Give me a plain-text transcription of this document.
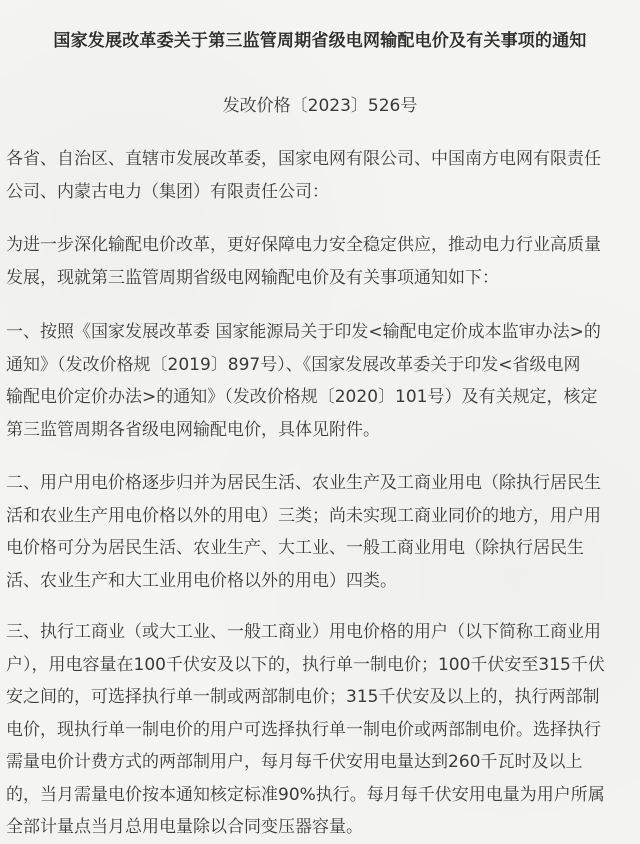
国家发展改革委关于第三监管周期省级电网输配电价及有关事项的通知
发改价格〔2023〕526号
各省、自治区、直辖市发展改革委，国家电网有限公司、中国南方电网有限责任
公司、内蒙古电力（集团）有限责任公司：
为进一步深化输配电价改革，更好保障电力安全稳定供应，推动电力行业高质量
发展，现就第三监管周期省级电网输配电价及有关事项通知如下：
一、按照《国家发展改革委 国家能源局关于印发<输配电定价成本监审办法>的
通知》（发改价格规〔2019〕897号）、《国家发展改革委关于印发<省级电网
输配电价定价办法>的通知》（发改价格规〔2020〕101号）及有关规定，核定
第三监管周期各省级电网输配电价，具体见附件。
二、用户用电价格逐步归并为居民生活、农业生产及工商业用电（除执行居民生
活和农业生产用电价格以外的用电）三类；尚未实现工商业同价的地方，用户用
电价格可分为居民生活、农业生产、大工业、一般工商业用电（除执行居民生
活、农业生产和大工业用电价格以外的用电）四类。
三、执行工商业（或大工业、一般工商业）用电价格的用户（以下简称工商业用
户），用电容量在100千伏安及以下的，执行单一制电价；100千伏安至315千伏
安之间的，可选择执行单一制或两部制电价；315千伏安及以上的，执行两部制
电价，现执行单一制电价的用户可选择执行单一制电价或两部制电价。选择执行
需量电价计费方式的两部制用户，每月每千伏安用电量达到260千瓦时及以上
的，当月需量电价按本通知核定标准90%执行。每月每千伏安用电量为用户所属
全部计量点当月总用电量除以合同变压器容量。
